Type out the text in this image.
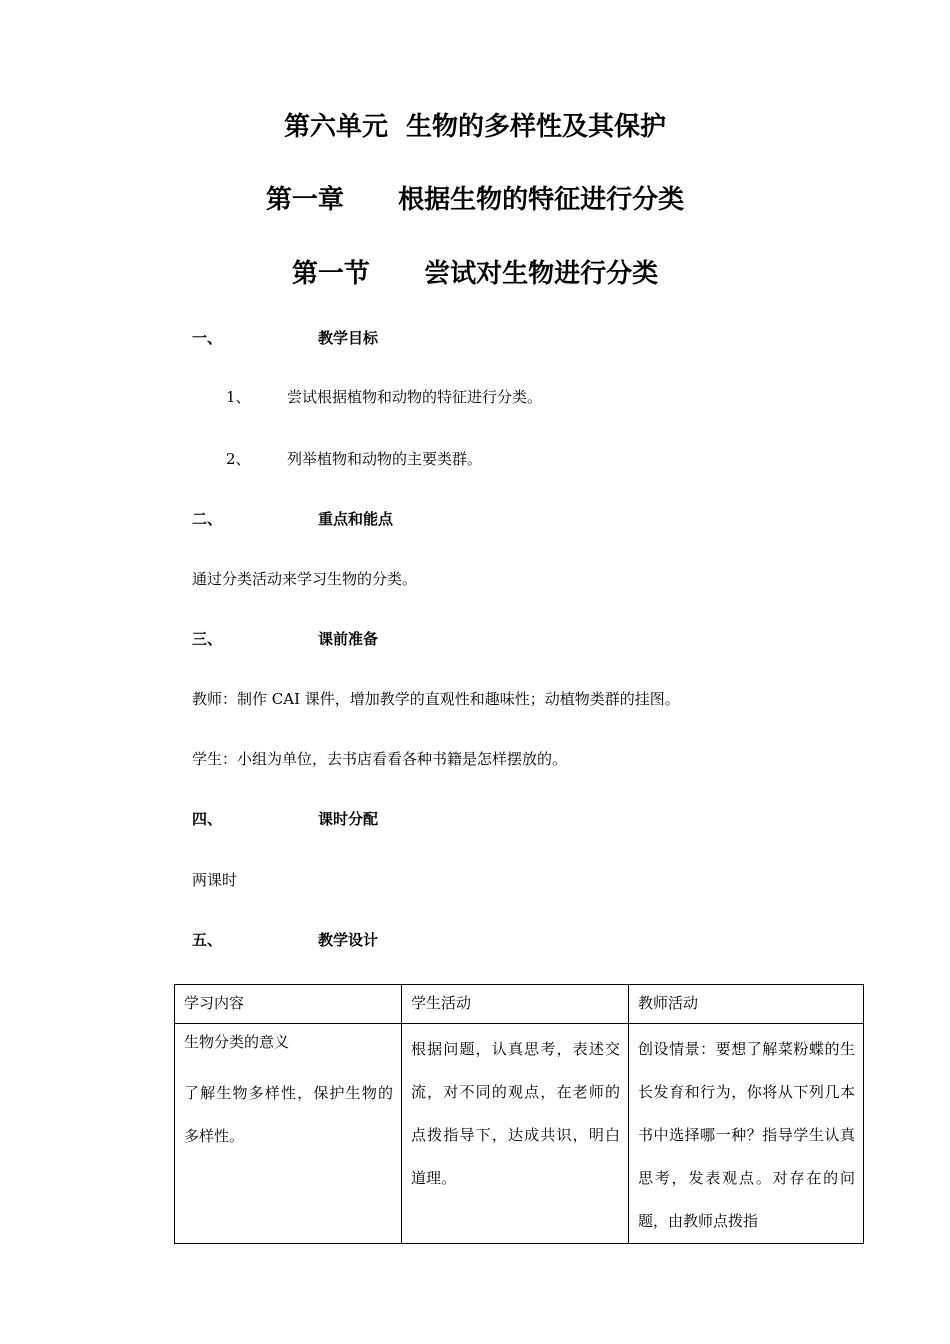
第六单元  生物的多样性及其保护
第一章      根据生物的特征进行分类
第一节      尝试对生物进行分类
一、	教学目标
1、 尝试根据植物和动物的特征进行分类。
2、 列举植物和动物的主要类群。
二、	重点和能点
通过分类活动来学习生物的分类。
三、	课前准备
教师：制作 CAI 课件，增加教学的直观性和趣味性；动植物类群的挂图。
学生：小组为单位，去书店看看各种书籍是怎样摆放的。
四、	课时分配
两课时
五、	教学设计
学习内容	学生活动	教师活动

生物分类的意义
了解生物多样性，保护生物的多样性。	根据问题，认真思考，表述交流，对不同的观点，在老师的点拨指导下，达成共识，明白道理。	创设情景：要想了解菜粉蝶的生长发育和行为，你将从下列几本书中选择哪一种？指导学生认真思考，发表观点。对存在的问题，由教师点拨指
